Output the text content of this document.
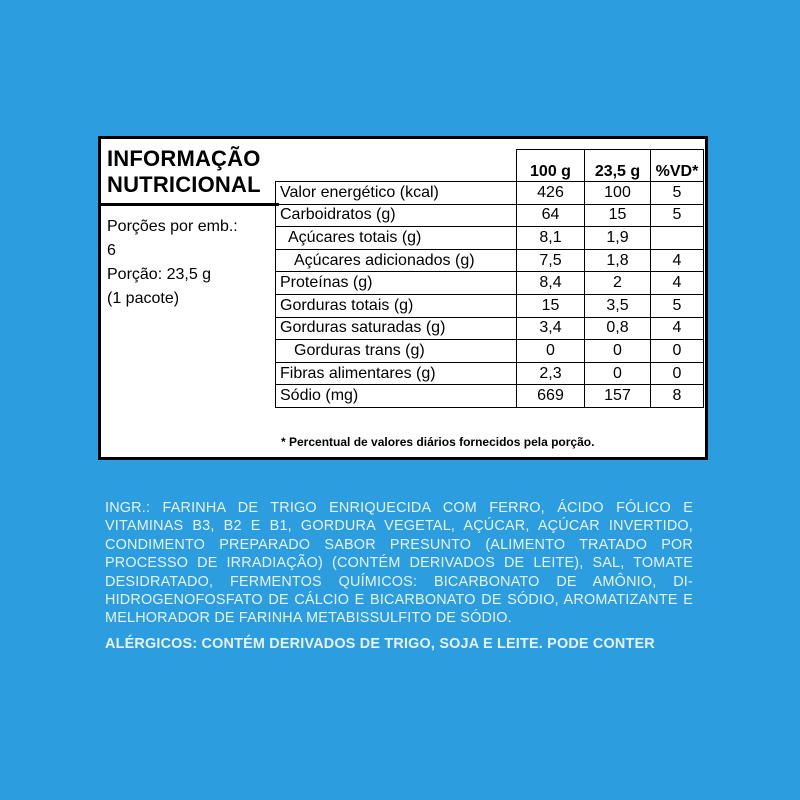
INFORMAÇÃO
NUTRICIONAL
Porções por emb.:
6
Porção: 23,5 g
(1 pacote)
	100 g	23,5 g	%VD*
Valor energético (kcal)	426	100	5
Carboidratos (g)	64	15	5
Açúcares totais (g)	8,1	1,9	
Açúcares adicionados (g)	7,5	1,8	4
Proteínas (g)	8,4	2	4
Gorduras totais (g)	15	3,5	5
Gorduras saturadas (g)	3,4	0,8	4
Gorduras trans (g)	0	0	0
Fibras alimentares (g)	2,3	0	0
Sódio (mg)	669	157	8
* Percentual de valores diários fornecidos pela porção.
INGR.: FARINHA DE TRIGO ENRIQUECIDA COM FERRO, ÁCIDO FÓLICO E VITAMINAS B3, B2 E B1, GORDURA VEGETAL, AÇÚCAR, AÇÚCAR INVERTIDO, CONDIMENTO PREPARADO SABOR PRESUNTO (ALIMENTO TRATADO POR PROCESSO DE IRRADIAÇÃO) (CONTÉM DERIVADOS DE LEITE), SAL, TOMATE DESIDRATADO, FERMENTOS QUÍMICOS: BICARBONATO DE AMÔNIO, DI-HIDROGENOFOSFATO DE CÁLCIO E BICARBONATO DE SÓDIO, AROMATIZANTE E MELHORADOR DE FARINHA METABISSULFITO DE SÓDIO.
ALÉRGICOS: CONTÉM DERIVADOS DE TRIGO, SOJA E LEITE. PODE CONTER
